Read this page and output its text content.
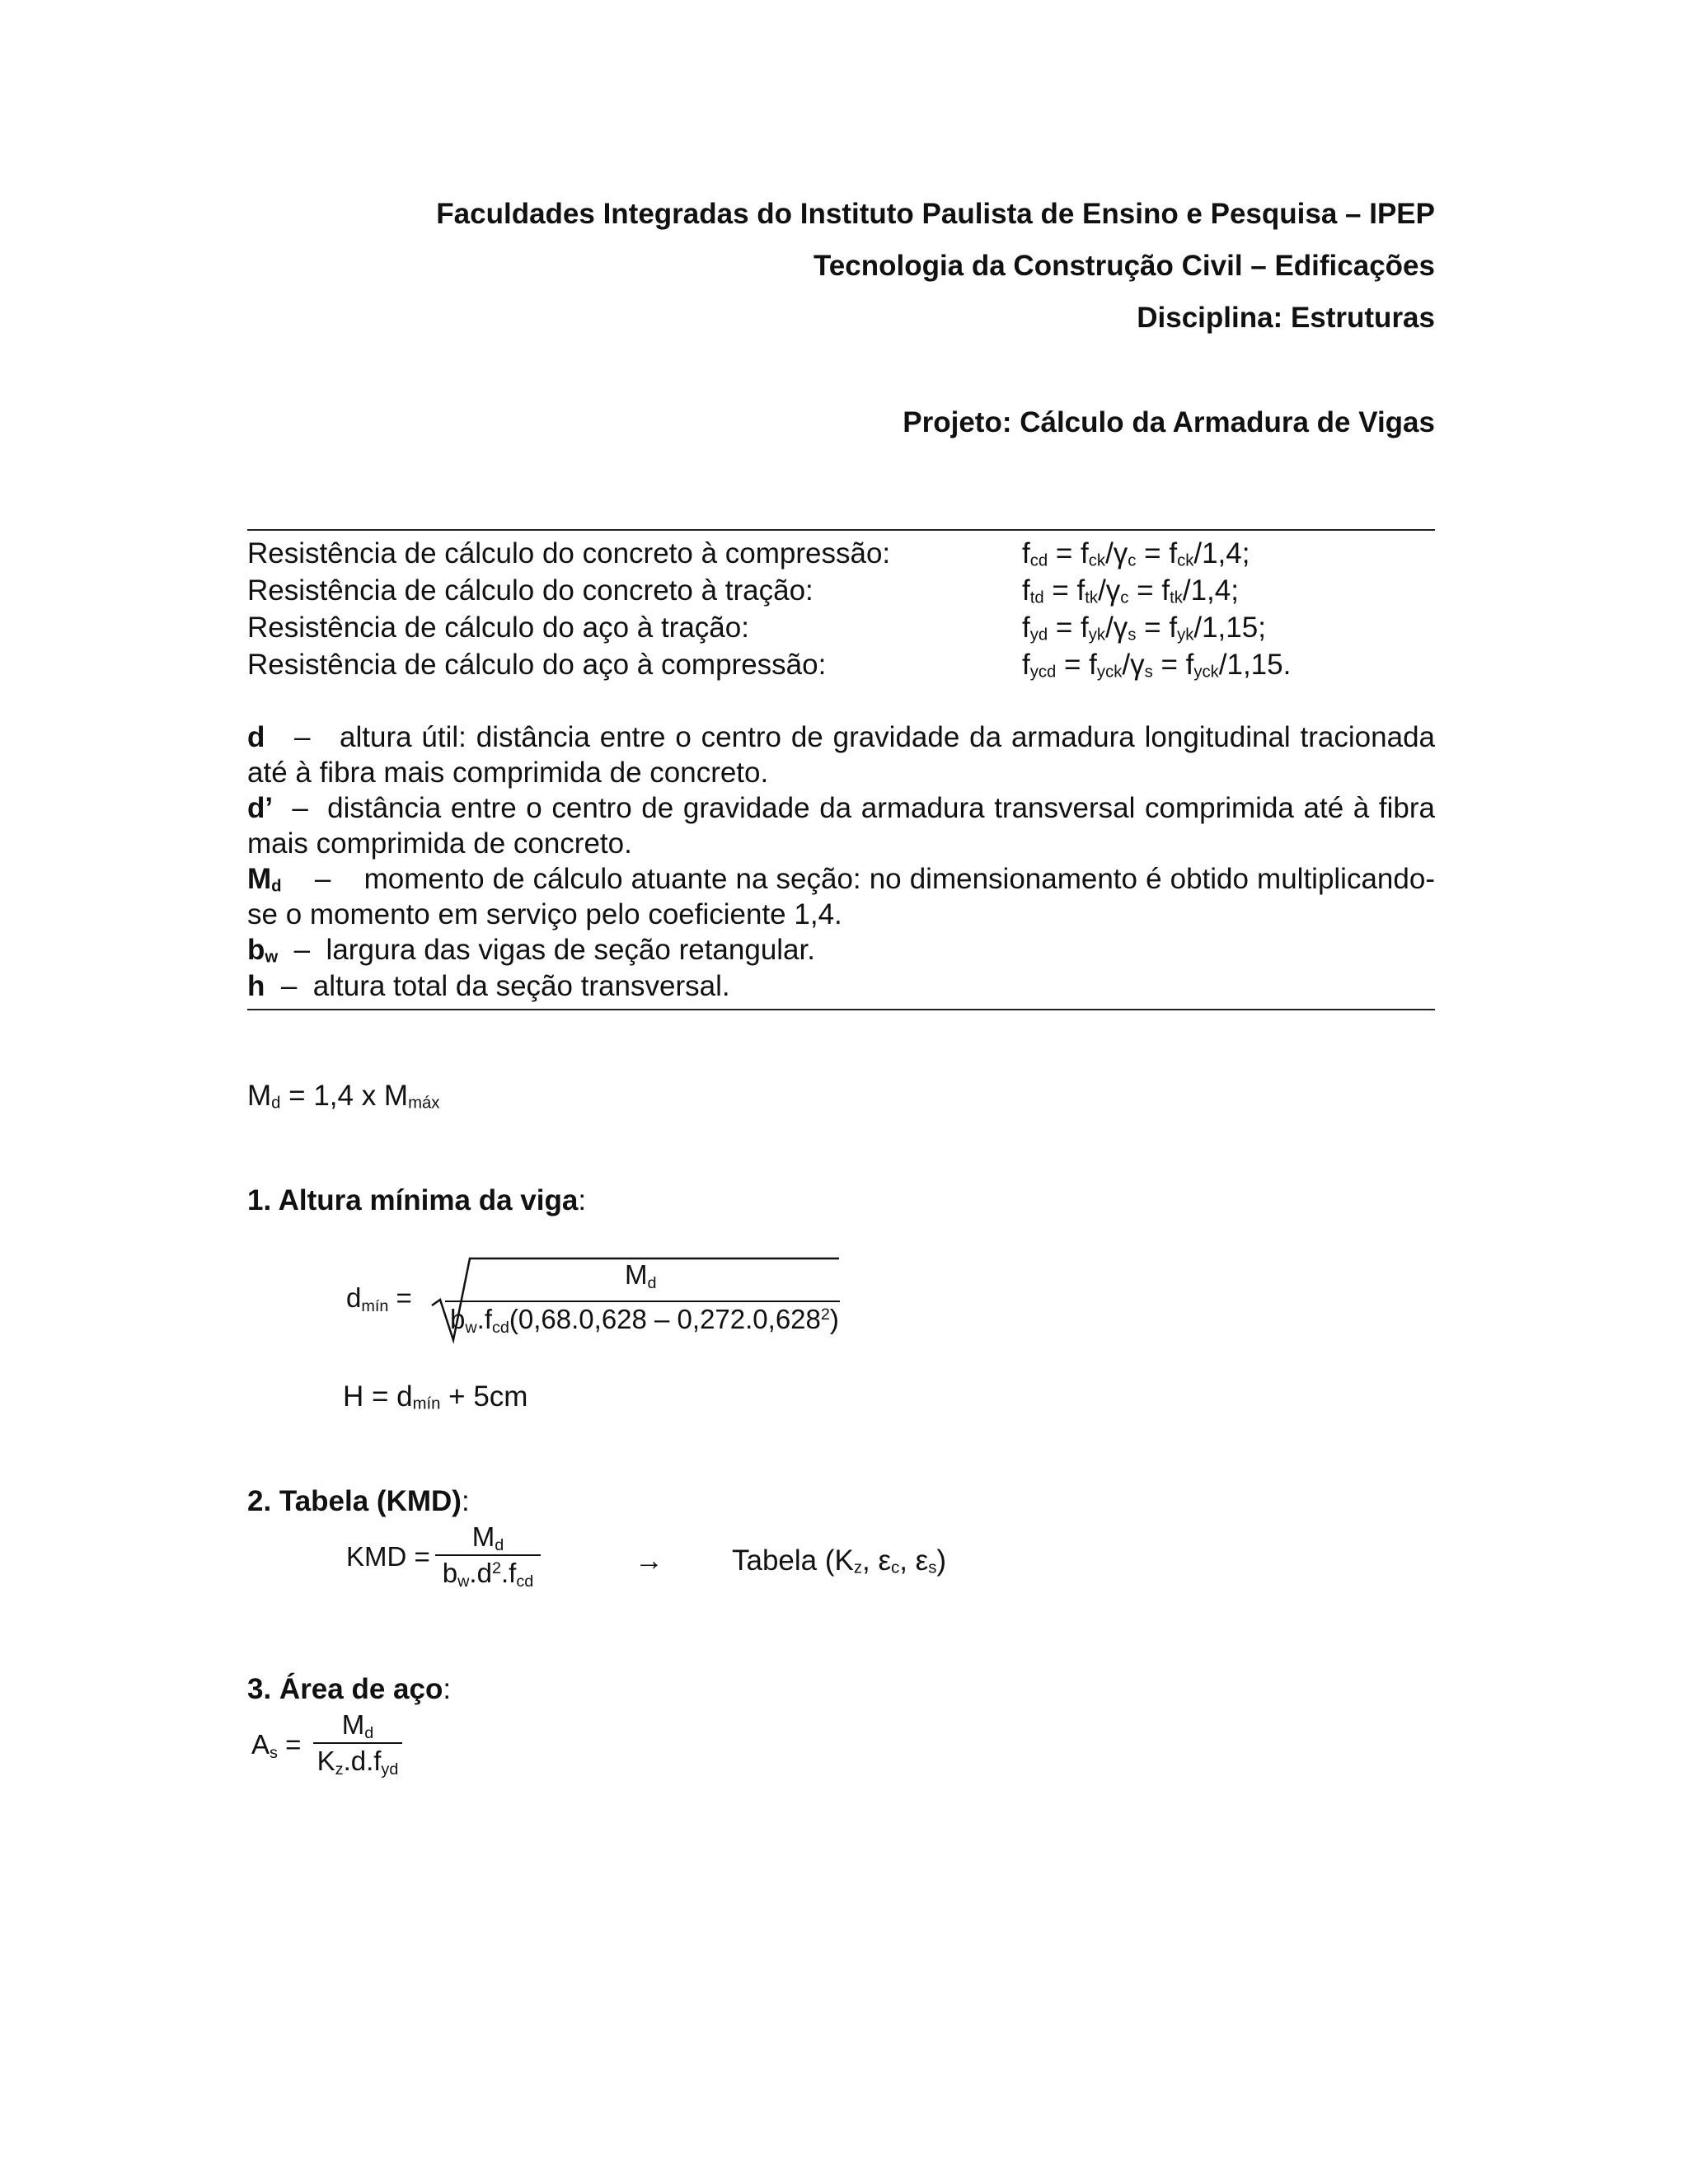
Faculdades Integradas do Instituto Paulista de Ensino e Pesquisa – IPEP
Tecnologia da Construção Civil – Edificações
Disciplina: Estruturas
Projeto: Cálculo da Armadura de Vigas
Resistência de cálculo do concreto à compressão:	$f_{cd} = f_{ck}/\gamma_c = f_{ck}/1,4$;
Resistência de cálculo do concreto à tração:	$f_{td} = f_{tk}/\gamma_c = f_{tk}/1,4$;
Resistência de cálculo do aço à tração:	$f_{yd} = f_{yk}/\gamma_s = f_{yk}/1,15$;
Resistência de cálculo do aço à compressão:	$f_{ycd} = f_{yck}/\gamma_s = f_{yck}/1,15$.
d – altura útil: distância entre o centro de gravidade da armadura longitudinal tracionada até à fibra mais comprimida de concreto.
d’ – distância entre o centro de gravidade da armadura transversal comprimida até à fibra mais comprimida de concreto.
$M_d$ – momento de cálculo atuante na seção: no dimensionamento é obtido multiplicando-se o momento em serviço pelo coeficiente 1,4.
$b_w$ – largura das vigas de seção retangular.
h – altura total da seção transversal.
$M_d = 1,4$ x $M_{máx}$
1. Altura mínima da viga:
$d_{mín}$ =
$M_d$
$b_w.f_{cd}(0,68.0,628 - 0,272.0,628^2)$
$H = d_{mín} + 5cm$
2. Tabela (KMD):
KMD =
$M_d$
$b_w.d^2.f_{cd}$
→ Tabela ($K_z$, $\varepsilon_c$, $\varepsilon_s$)
3. Área de aço:
$A_s$ =
$M_d$
$K_z.d.f_{yd}$
